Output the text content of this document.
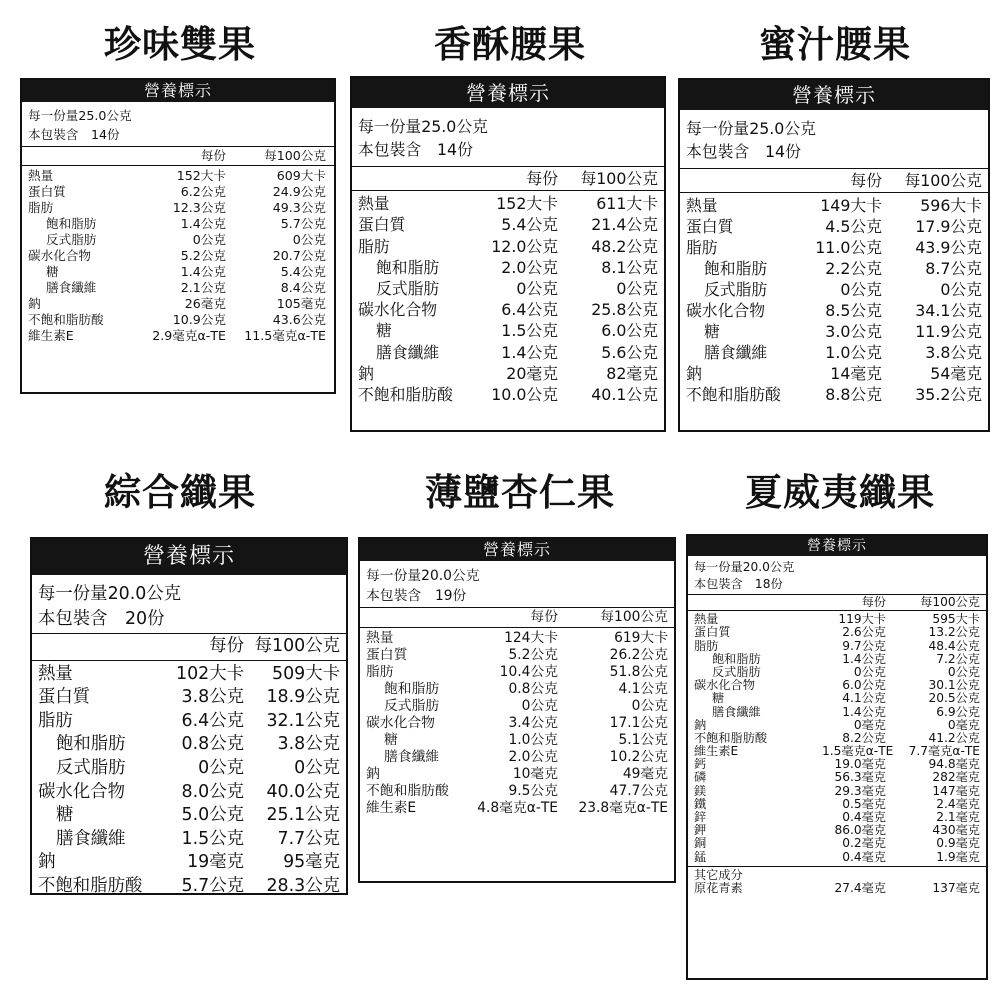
珍味雙果	香酥腰果	蜜汁腰果
綜合纖果	薄鹽杏仁果	夏威夷纖果
營養標示
每一份量25.0公克
本包裝含　14份
每份	每100公克
熱量	152大卡	609大卡
蛋白質	6.2公克	24.9公克
脂肪	12.3公克	49.3公克
飽和脂肪	1.4公克	5.7公克
反式脂肪	0公克	0公克
碳水化合物	5.2公克	20.7公克
糖	1.4公克	5.4公克
膳食纖維	2.1公克	8.4公克
鈉	26毫克	105毫克
不飽和脂肪酸	10.9公克	43.6公克
維生素E	2.9毫克α-TE	11.5毫克α-TE
營養標示
每一份量25.0公克
本包裝含　14份
每份	每100公克
熱量	152大卡	611大卡
蛋白質	5.4公克	21.4公克
脂肪	12.0公克	48.2公克
飽和脂肪	2.0公克	8.1公克
反式脂肪	0公克	0公克
碳水化合物	6.4公克	25.8公克
糖	1.5公克	6.0公克
膳食纖維	1.4公克	5.6公克
鈉	20毫克	82毫克
不飽和脂肪酸	10.0公克	40.1公克
營養標示
每一份量25.0公克
本包裝含　14份
每份	每100公克
熱量	149大卡	596大卡
蛋白質	4.5公克	17.9公克
脂肪	11.0公克	43.9公克
飽和脂肪	2.2公克	8.7公克
反式脂肪	0公克	0公克
碳水化合物	8.5公克	34.1公克
糖	3.0公克	11.9公克
膳食纖維	1.0公克	3.8公克
鈉	14毫克	54毫克
不飽和脂肪酸	8.8公克	35.2公克
營養標示
每一份量20.0公克
本包裝含　20份
每份 每100公克
熱量	102大卡	509大卡
蛋白質	3.8公克	18.9公克
脂肪	6.4公克	32.1公克
飽和脂肪	0.8公克	3.8公克
反式脂肪	0公克	0公克
碳水化合物	8.0公克	40.0公克
糖	5.0公克	25.1公克
膳食纖維	1.5公克	7.7公克
鈉	19毫克	95毫克
不飽和脂肪酸	5.7公克	28.3公克
營養標示
每一份量20.0公克
本包裝含　19份
每份	每100公克
熱量	124大卡	619大卡
蛋白質	5.2公克	26.2公克
脂肪	10.4公克	51.8公克
飽和脂肪	0.8公克	4.1公克
反式脂肪	0公克	0公克
碳水化合物	3.4公克	17.1公克
糖	1.0公克	5.1公克
膳食纖維	2.0公克	10.2公克
鈉	10毫克	49毫克
不飽和脂肪酸	9.5公克	47.7公克
維生素E	4.8毫克α-TE	23.8毫克α-TE
營養標示
每一份量20.0公克
本包裝含　18份
每份	每100公克
熱量	119大卡	595大卡
蛋白質	2.6公克	13.2公克
脂肪	9.7公克	48.4公克
飽和脂肪	1.4公克	7.2公克
反式脂肪	0公克	0公克
碳水化合物	6.0公克	30.1公克
糖	4.1公克	20.5公克
膳食纖維	1.4公克	6.9公克
鈉	0毫克	0毫克
不飽和脂肪酸	8.2公克	41.2公克
維生素E	1.5毫克α-TE	7.7毫克α-TE
鈣	19.0毫克	94.8毫克
磷	56.3毫克	282毫克
鎂	29.3毫克	147毫克
鐵	0.5毫克	2.4毫克
鋅	0.4毫克	2.1毫克
鉀	86.0毫克	430毫克
銅	0.2毫克	0.9毫克
錳	0.4毫克	1.9毫克
其它成分
原花青素	27.4毫克	137毫克
